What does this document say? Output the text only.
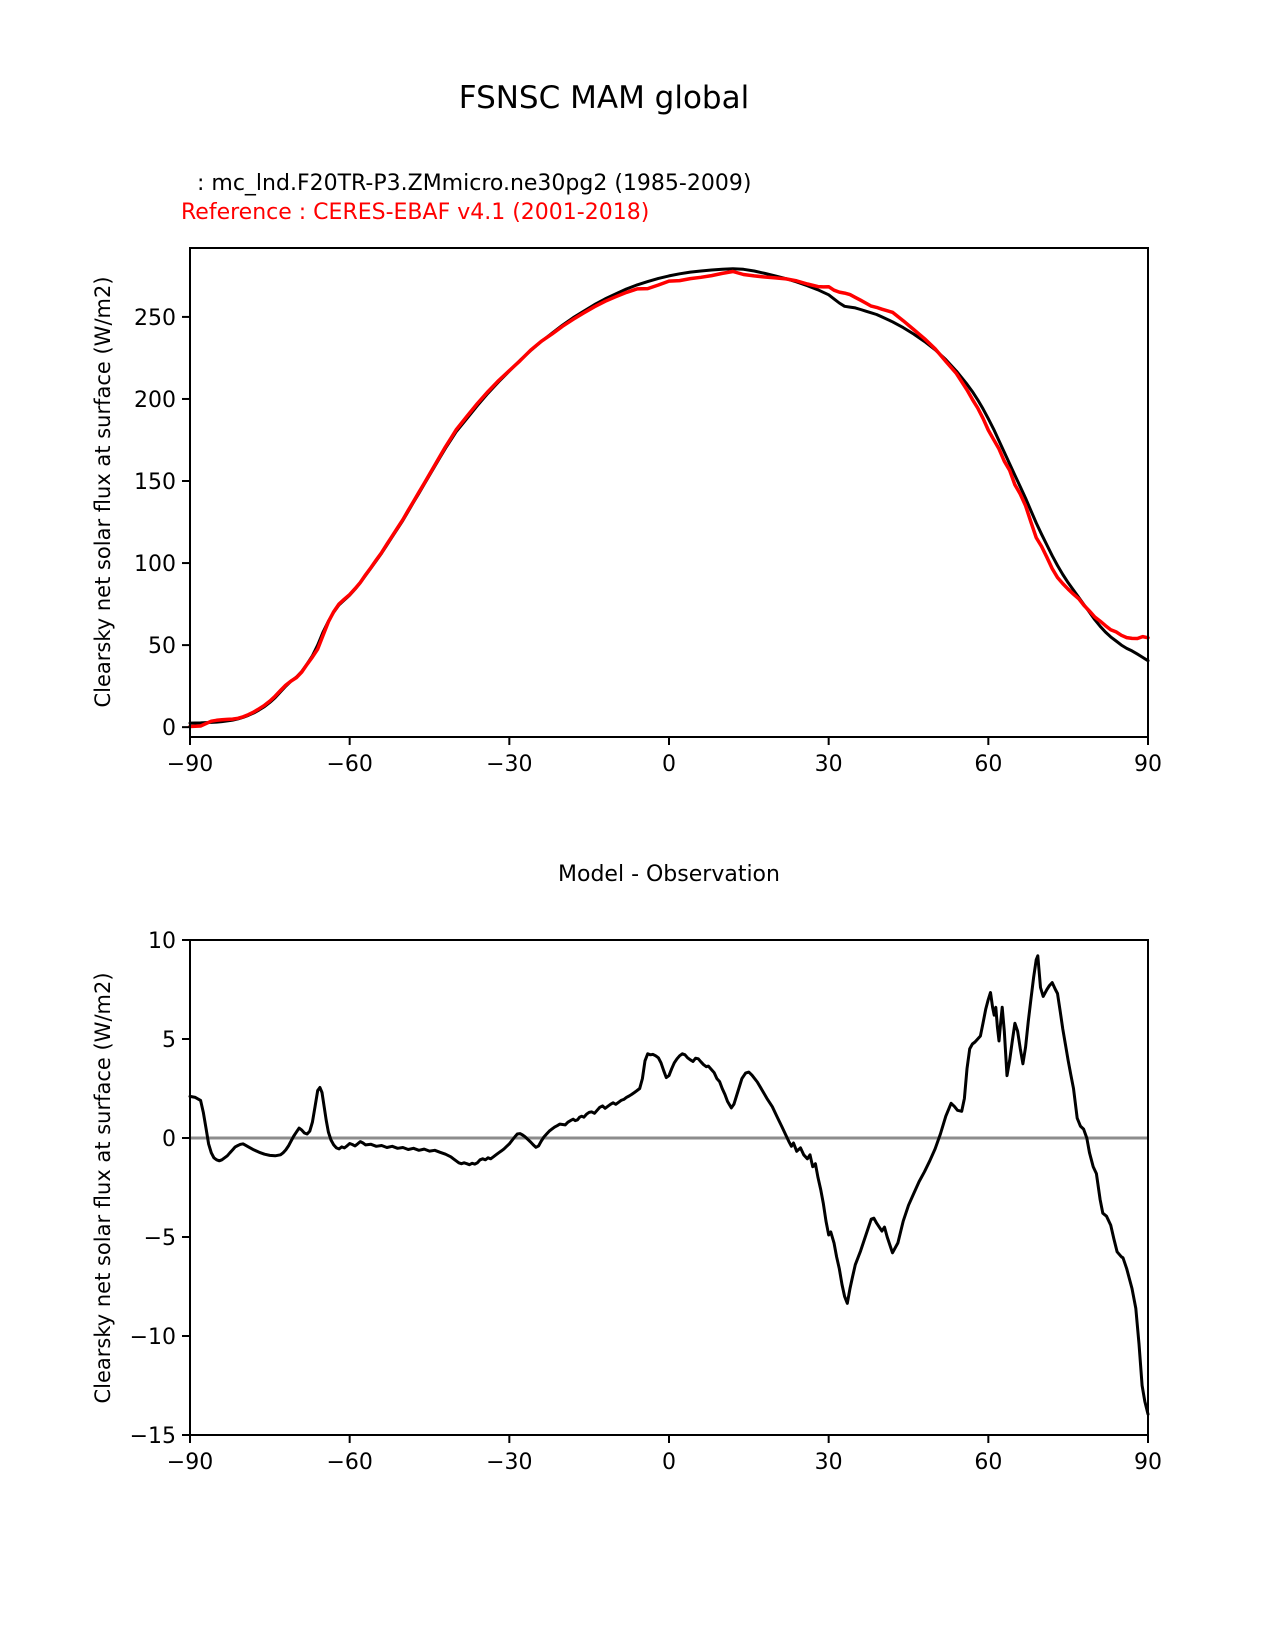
FSNSC MAM global
: mc_lnd.F20TR-P3.ZMmicro.ne30pg2 (1985-2009)
Reference : CERES-EBAF v4.1 (2001-2018)
Clearsky net solar flux at surface (W/m2)
Model - Observation
Clearsky net solar flux at surface (W/m2)
−90	−60	−30	0	30	60	90
0
50
100
150
200
250
−90	−60	−30	0	30	60	90
10
5
0
−5
−10
−15
